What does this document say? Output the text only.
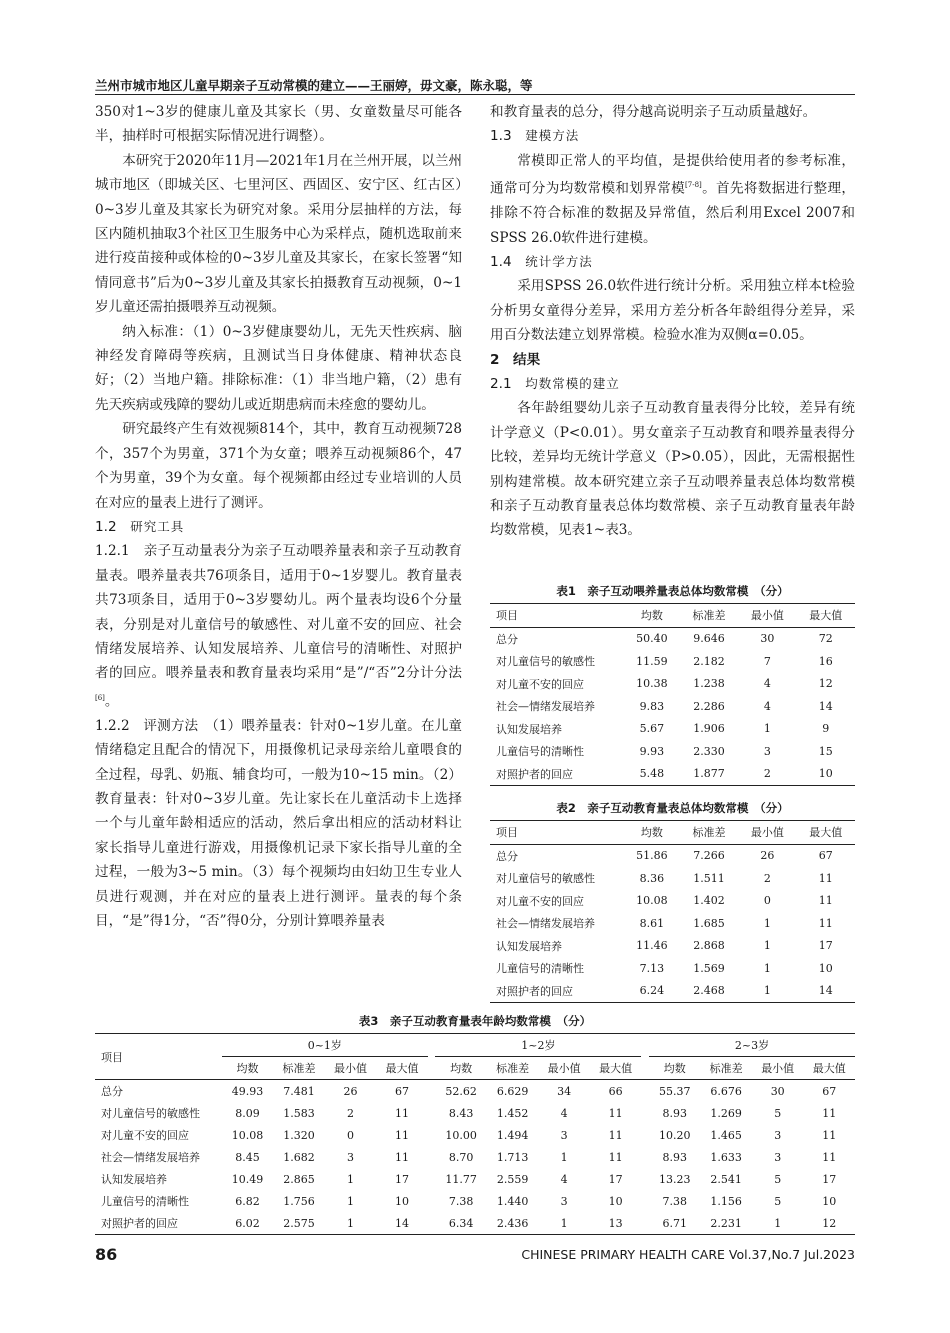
兰州市城市地区儿童早期亲子互动常模的建立——王丽婷，毋文豪，陈永聪，等

350对1~3岁的健康儿童及其家长（男、女童数量尽可能各半，抽样时可根据实际情况进行调整）。

本研究于2020年11月—2021年1月在兰州开展，以兰州城市地区（即城关区、七里河区、西固区、安宁区、红古区）0~3岁儿童及其家长为研究对象。采用分层抽样的方法，每区内随机抽取3个社区卫生服务中心为采样点，随机选取前来进行疫苗接种或体检的0~3岁儿童及其家长，在家长签署“知情同意书”后为0~3岁儿童及其家长拍摄教育互动视频，0~1岁儿童还需拍摄喂养互动视频。

纳入标准：（1）0~3岁健康婴幼儿，无先天性疾病、脑神经发育障碍等疾病，且测试当日身体健康、精神状态良好；（2）当地户籍。排除标准：（1）非当地户籍，（2）患有先天疾病或残障的婴幼儿或近期患病而未痊愈的婴幼儿。

研究最终产生有效视频814个，其中，教育互动视频728个，357个为男童，371个为女童；喂养互动视频86个，47个为男童，39个为女童。每个视频都由经过专业培训的人员在对应的量表上进行了测评。

1.2　 研究工具

1.2.1　亲子互动量表分为亲子互动喂养量表和亲子互动教育量表。喂养量表共76项条目，适用于0~1岁婴儿。教育量表共73项条目，适用于0~3岁婴幼儿。两个量表均设6个分量表，分别是对儿童信号的敏感性、对儿童不安的回应、社会情绪发展培养、认知发展培养、儿童信号的清晰性、对照护者的回应。喂养量表和教育量表均采用“是”/“否”2分计分法[6]。

1.2.2　评测方法　（1）喂养量表：针对0~1岁儿童。在儿童情绪稳定且配合的情况下，用摄像机记录母亲给儿童喂食的全过程，母乳、奶瓶、辅食均可，一般为10~15 min。（2）教育量表：针对0~3岁儿童。先让家长在儿童活动卡上选择一个与儿童年龄相适应的活动，然后拿出相应的活动材料让家长指导儿童进行游戏，用摄像机记录下家长指导儿童的全过程，一般为3~5 min。（3）每个视频均由妇幼卫生专业人员进行观测，并在对应的量表上进行测评。量表的每个条目，“是”得1分，“否”得0分，分别计算喂养量表

和教育量表的总分，得分越高说明亲子互动质量越好。

1.3　 建模方法

常模即正常人的平均值，是提供给使用者的参考标准，通常可分为均数常模和划界常模[7-8]。首先将数据进行整理，排除不符合标准的数据及异常值，然后利用Excel 2007和SPSS 26.0软件进行建模。

1.4　 统计学方法

采用SPSS 26.0软件进行统计分析。采用独立样本t检验分析男女童得分差异，采用方差分析各年龄组得分差异，采用百分数法建立划界常模。检验水准为双侧α=0.05。

2　结果

2.1　 均数常模的建立

各年龄组婴幼儿亲子互动教育量表得分比较，差异有统计学意义（P<0.01）。男女童亲子互动教育和喂养量表得分比较，差异均无统计学意义（P>0.05），因此，无需根据性别构建常模。故本研究建立亲子互动喂养量表总体均数常模和亲子互动教育量表总体均数常模、亲子互动教育量表年龄均数常模，见表1~表3。

表1　亲子互动喂养量表总体均数常模　（分）

项目	均数	标准差	最小值	最大值
总分	50.40	9.646	30	72
对儿童信号的敏感性	11.59	2.182	7	16
对儿童不安的回应	10.38	1.238	4	12
社会—情绪发展培养	9.83	2.286	4	14
认知发展培养	5.67	1.906	1	9
儿童信号的清晰性	9.93	2.330	3	15
对照护者的回应	5.48	1.877	2	10

表2　亲子互动教育量表总体均数常模　（分）

项目	均数	标准差	最小值	最大值
总分	51.86	7.266	26	67
对儿童信号的敏感性	8.36	1.511	2	11
对儿童不安的回应	10.08	1.402	0	11
社会—情绪发展培养	8.61	1.685	1	11
认知发展培养	11.46	2.868	1	17
儿童信号的清晰性	7.13	1.569	1	10
对照护者的回应	6.24	2.468	1	14

表3　亲子互动教育量表年龄均数常模　（分）

项目	0~1岁					1~2岁					2~3岁			
	均数	标准差	最小值	最大值		均数	标准差	最小值	最大值		均数	标准差	最小值	最大值
总分	49.93	7.481	26	67		52.62	6.629	34	66		55.37	6.676	30	67
对儿童信号的敏感性	8.09	1.583	2	11		8.43	1.452	4	11		8.93	1.269	5	11
对儿童不安的回应	10.08	1.320	0	11		10.00	1.494	3	11		10.20	1.465	3	11
社会—情绪发展培养	8.45	1.682	3	11		8.70	1.713	1	11		8.93	1.633	3	11
认知发展培养	10.49	2.865	1	17		11.77	2.559	4	17		13.23	2.541	5	17
儿童信号的清晰性	6.82	1.756	1	10		7.38	1.440	3	10		7.38	1.156	5	10
对照护者的回应	6.02	2.575	1	14		6.34	2.436	1	13		6.71	2.231	1	12
86	CHINESE PRIMARY HEALTH CARE Vol.37,No.7 Jul.2023
